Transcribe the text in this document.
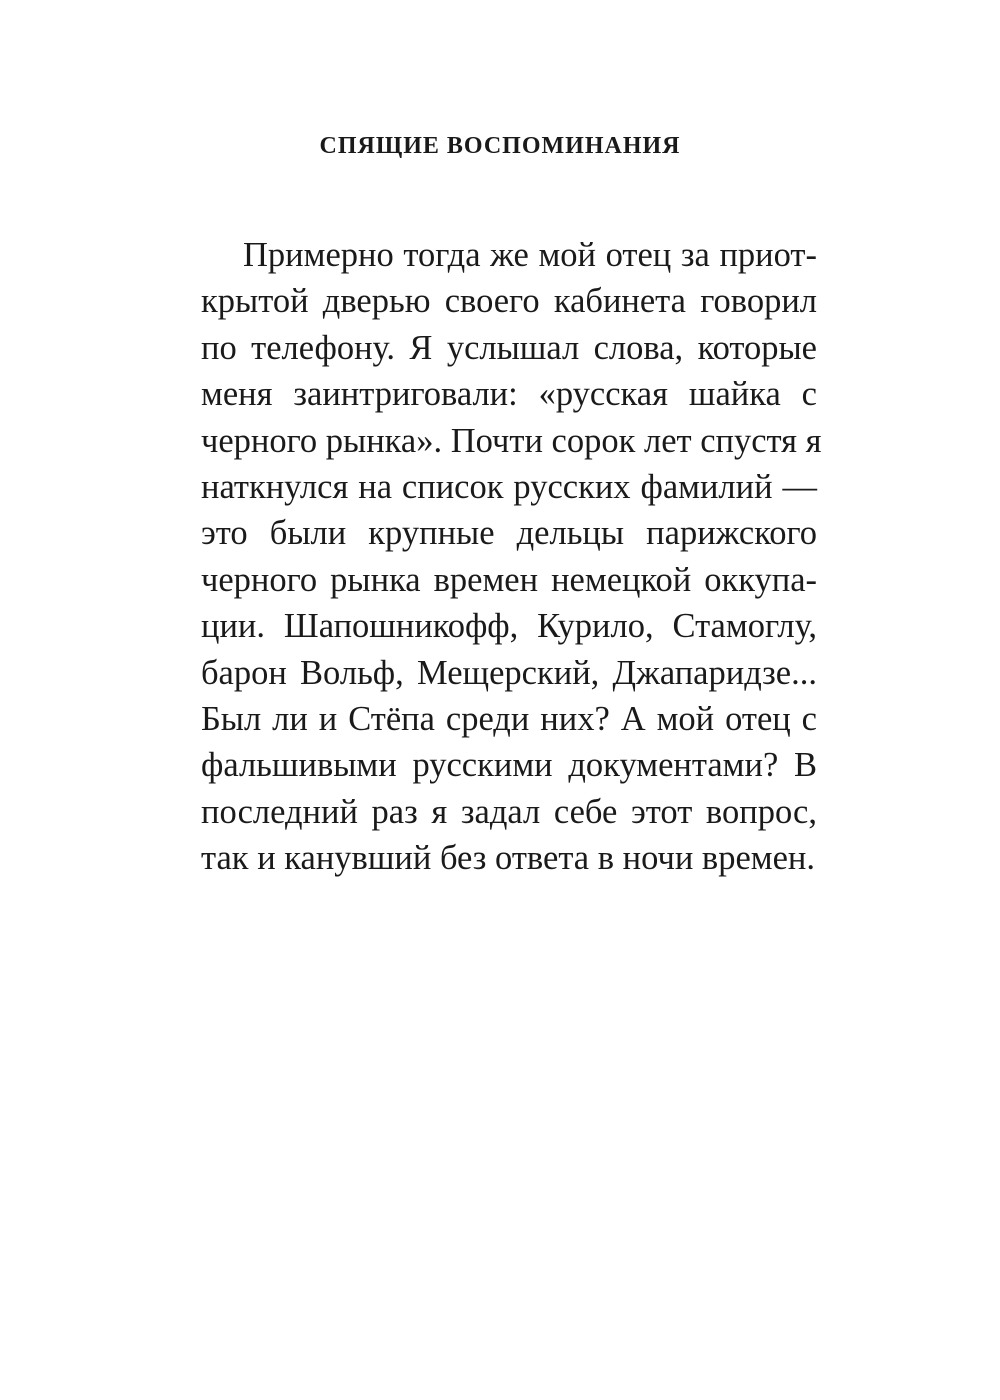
СПЯЩИЕ ВОСПОМИНАНИЯ
Примерно тогда же мой отец за приот-
крытой дверью своего кабинета говорил
по телефону. Я услышал слова, которые
меня заинтриговали: «русская шайка с
черного рынка». Почти сорок лет спустя я
наткнулся на список русских фамилий —
это были крупные дельцы парижского
черного рынка времен немецкой оккупа-
ции. Шапошникофф, Курило, Стамоглу,
барон Вольф, Мещерский, Джапаридзе...
Был ли и Стёпа среди них? А мой отец с
фальшивыми русскими документами? В
последний раз я задал себе этот вопрос,
так и канувший без ответа в ночи времен.
